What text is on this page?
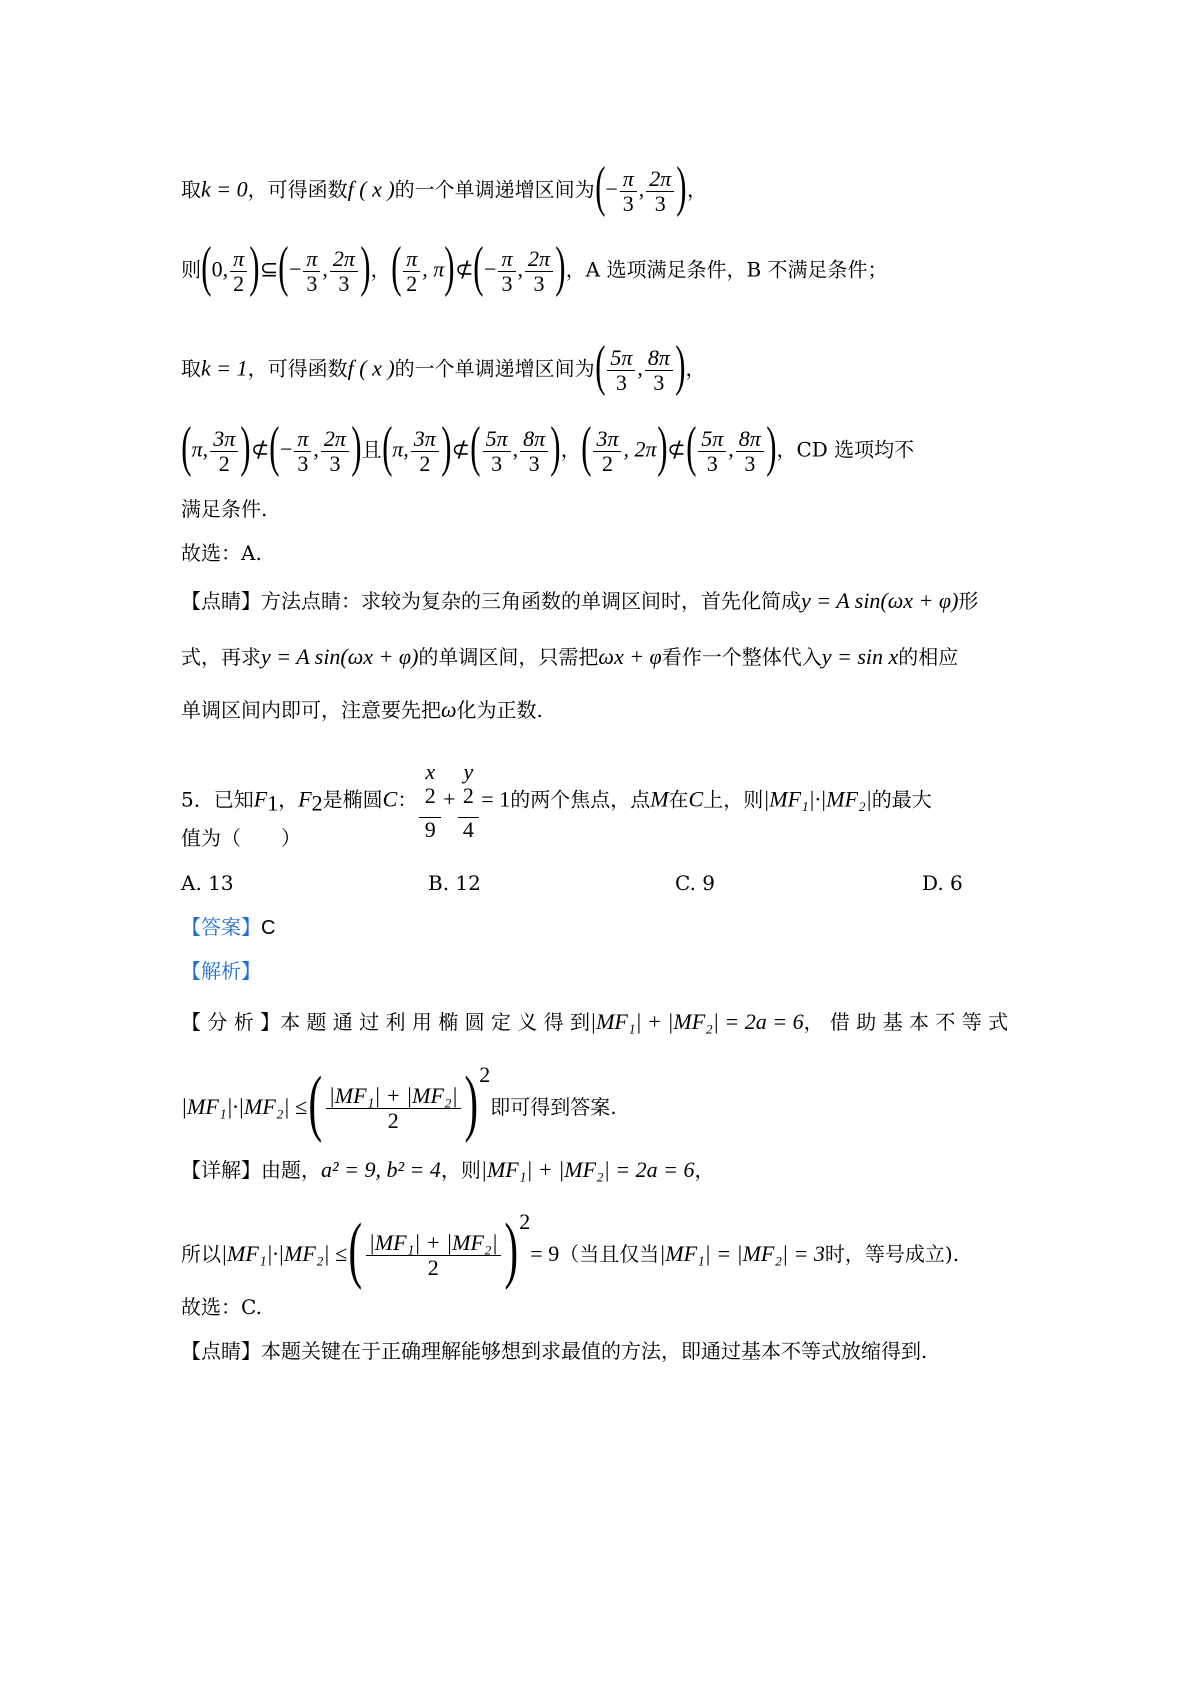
取k = 0，可得函数f ( x )的一个单调递增区间为(− $\frac{\pi}{3}$ , $\frac{2\pi}{3}$ )，
则(0, $\frac{\pi}{2}$ )⊆(− $\frac{\pi}{3}$ , $\frac{2\pi}{3}$ )，( $\frac{\pi}{2}$ , π)⊄(− $\frac{\pi}{3}$ , $\frac{2\pi}{3}$ )，A 选项满足条件，B 不满足条件；
取k = 1，可得函数f ( x )的一个单调递增区间为( $\frac{5\pi}{3}$ , $\frac{8\pi}{3}$ )，
(π, $\frac{3\pi}{2}$ )⊄(− $\frac{\pi}{3}$ , $\frac{2\pi}{3}$ )且(π, $\frac{3\pi}{2}$ )⊄( $\frac{5\pi}{3}$ , $\frac{8\pi}{3}$ )，( $\frac{3\pi}{2}$ , 2π)⊄( $\frac{5\pi}{3}$ , $\frac{8\pi}{3}$ )，CD 选项均不
满足条件.
故选：A.
【点睛】方法点睛：求较为复杂的三角函数的单调区间时，首先化简成y = A sin(ωx + φ)形
式，再求y = A sin(ωx + φ)的单调区间，只需把ωx + φ看作一个整体代入y = sin x的相应
单调区间内即可，注意要先把ω化为正数.
5．已知$F_1$，$F_2$是椭圆C： x
$^2$
9 + y
$^2$
4 = 1的两个焦点，点M在C上，则|MF₁|·|MF₂|的最大
值为（　　）
A. 13	B. 12	C. 9	D. 6
【答案】C
【解析】
【 分 析 】本 题 通 过 利 用 椭 圆 定 义 得 到|MF₁| + |MF₂| = 2a = 6， 借 助 基 本 不 等 式
|MF₁|·|MF₂| ≤( $\frac{\text{|MF₁| + |MF₂|}}{2} )^2$即可得到答案.
【详解】由题，a² = 9, b² = 4，则|MF₁| + |MF₂| = 2a = 6，
所以|MF₁|·|MF₂| ≤( $\frac{\text{|MF₁| + |MF₂|}}{2} )^2= 9$（当且仅当|MF₁| = |MF₂| = 3时，等号成立).
故选：C.
【点睛】本题关键在于正确理解能够想到求最值的方法，即通过基本不等式放缩得到.
